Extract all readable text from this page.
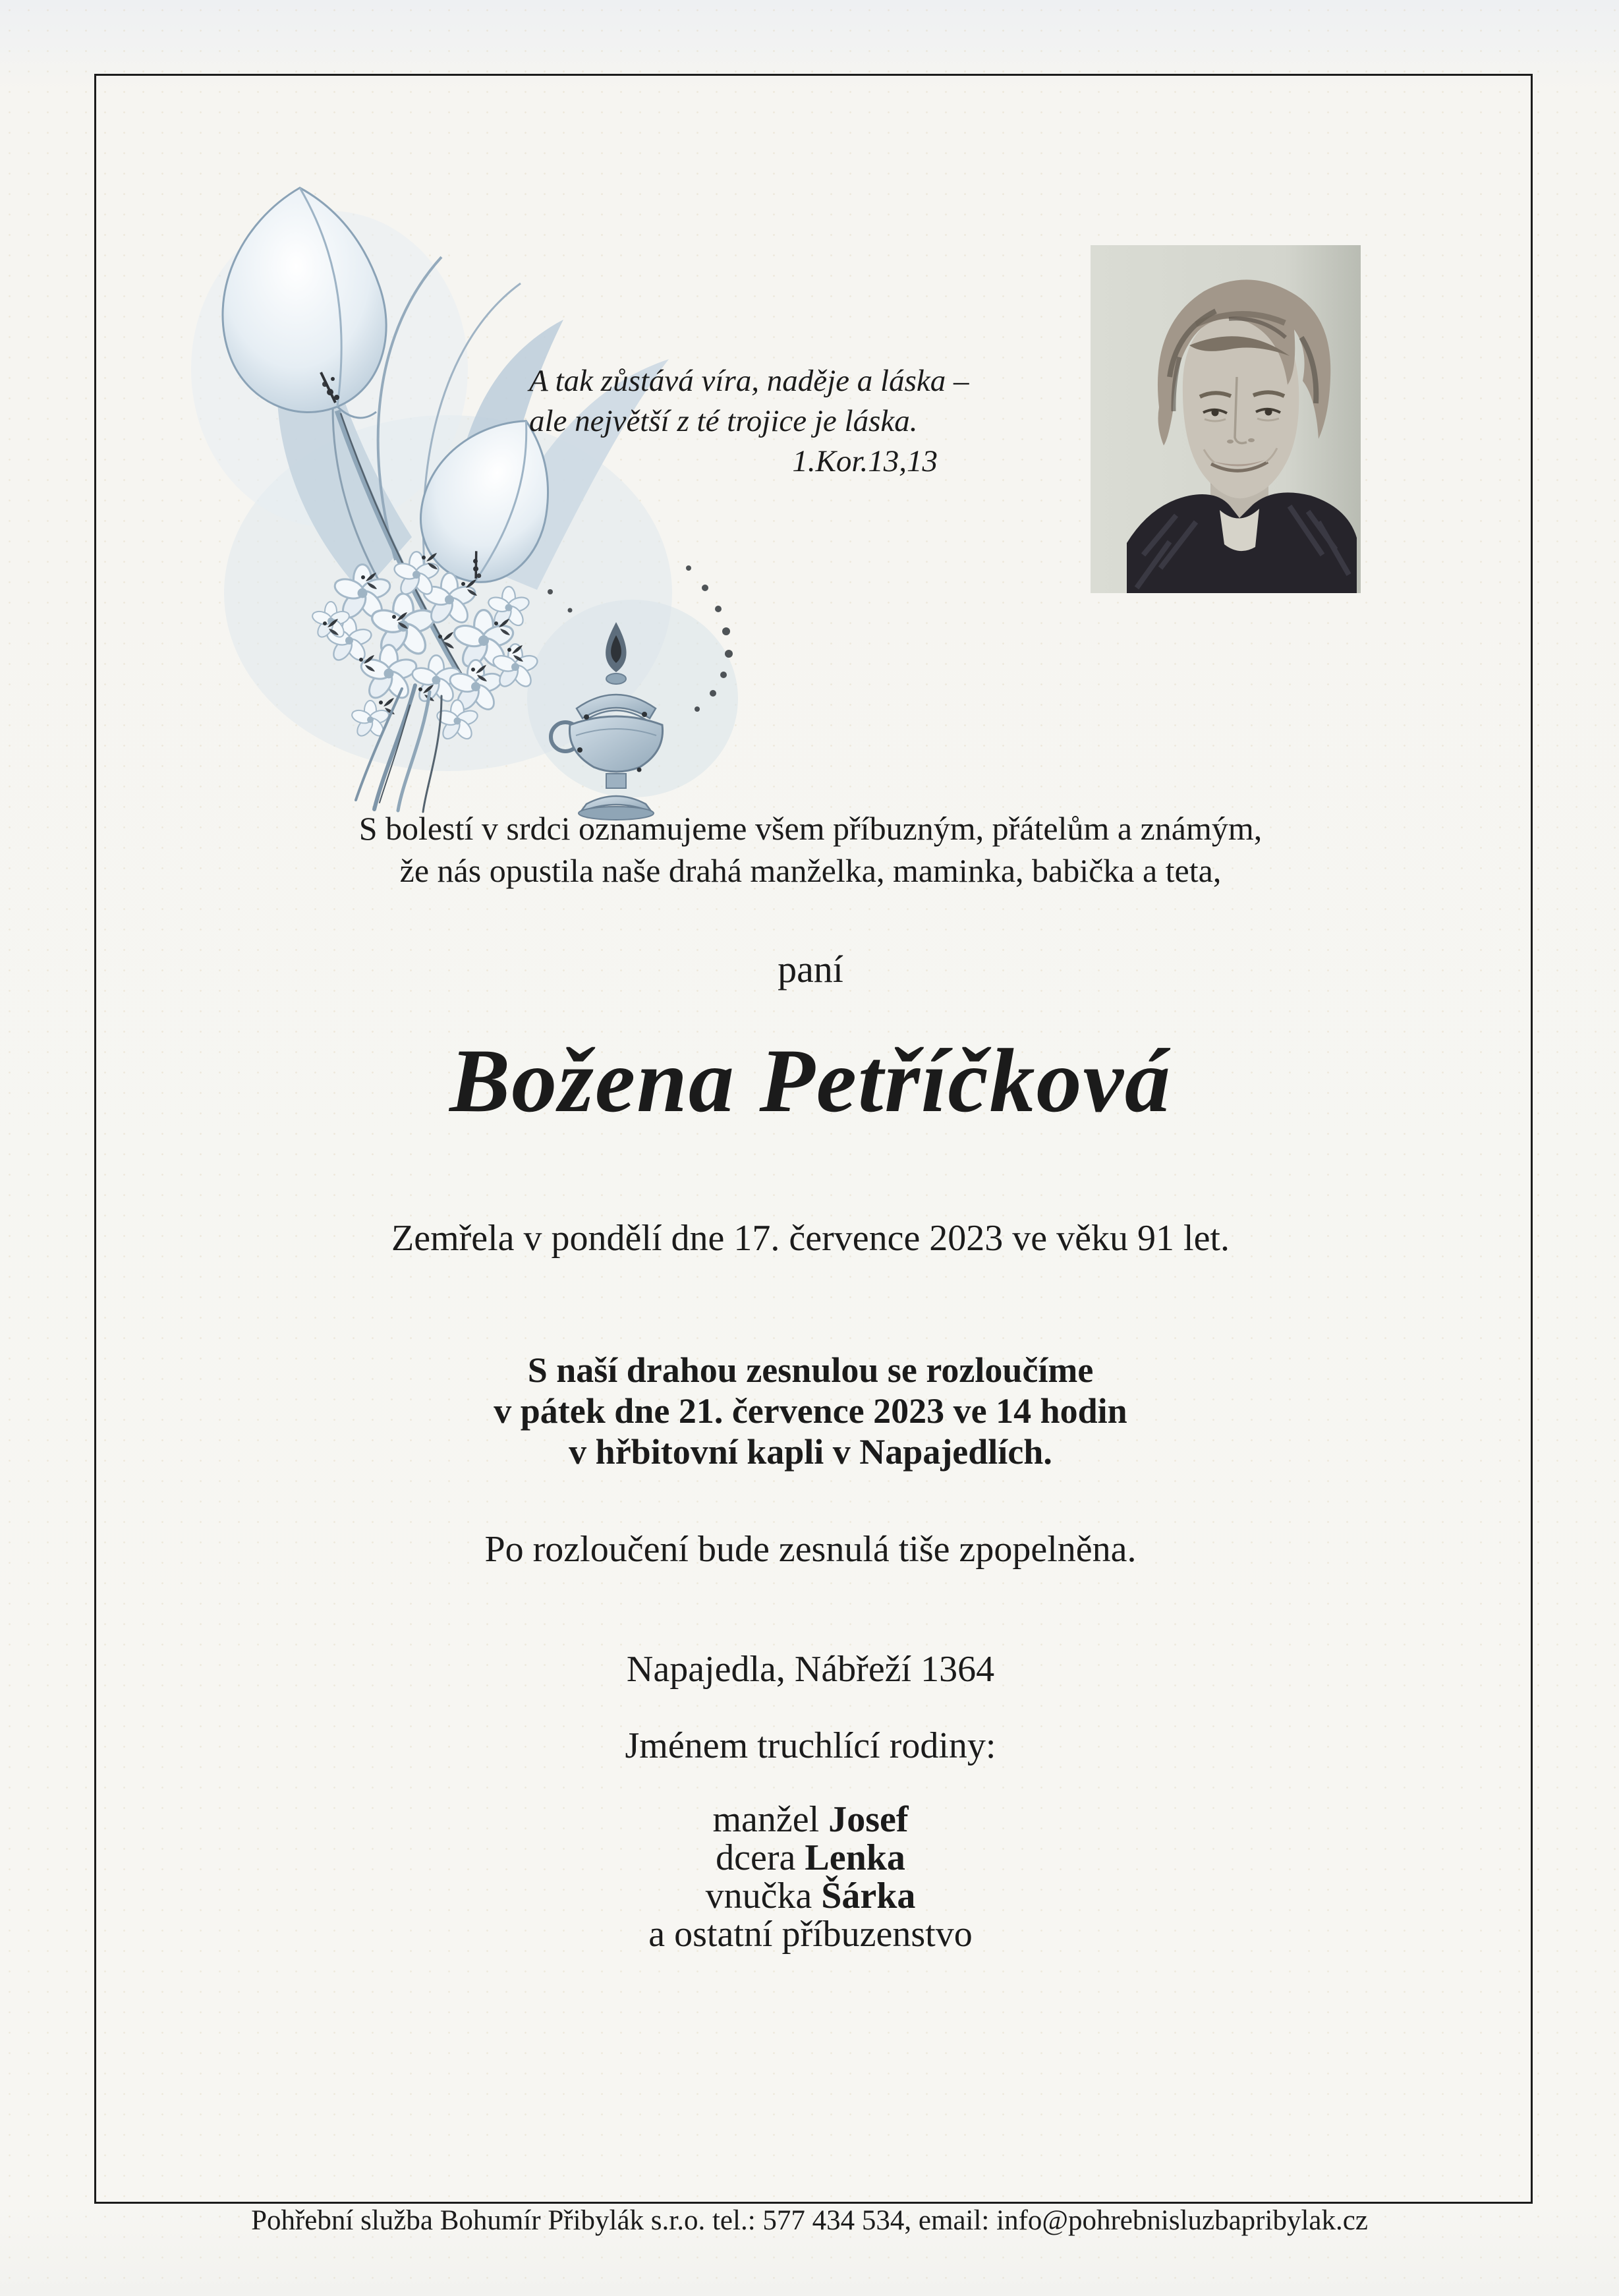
A tak zůstává víra, naděje a láska –
ale největší z té trojice je láska.
1.Kor.13,13
S bolestí v srdci oznamujeme všem příbuzným, přátelům a známým,
že nás opustila naše drahá manželka, maminka, babička a teta,
paní
Božena Petříčková
Zemřela v pondělí dne 17. července 2023 ve věku 91 let.
S naší drahou zesnulou se rozloučíme
v pátek dne 21. července 2023 ve 14 hodin
v hřbitovní kapli v Napajedlích.
Po rozloučení bude zesnulá tiše zpopelněna.
Napajedla, Nábřeží 1364
Jménem truchlící rodiny:
manžel Josef
dcera Lenka
vnučka Šárka
a ostatní příbuzenstvo
Pohřební služba Bohumír Přibylák s.r.o. tel.: 577 434 534, email: info@pohrebnisluzbapribylak.cz
